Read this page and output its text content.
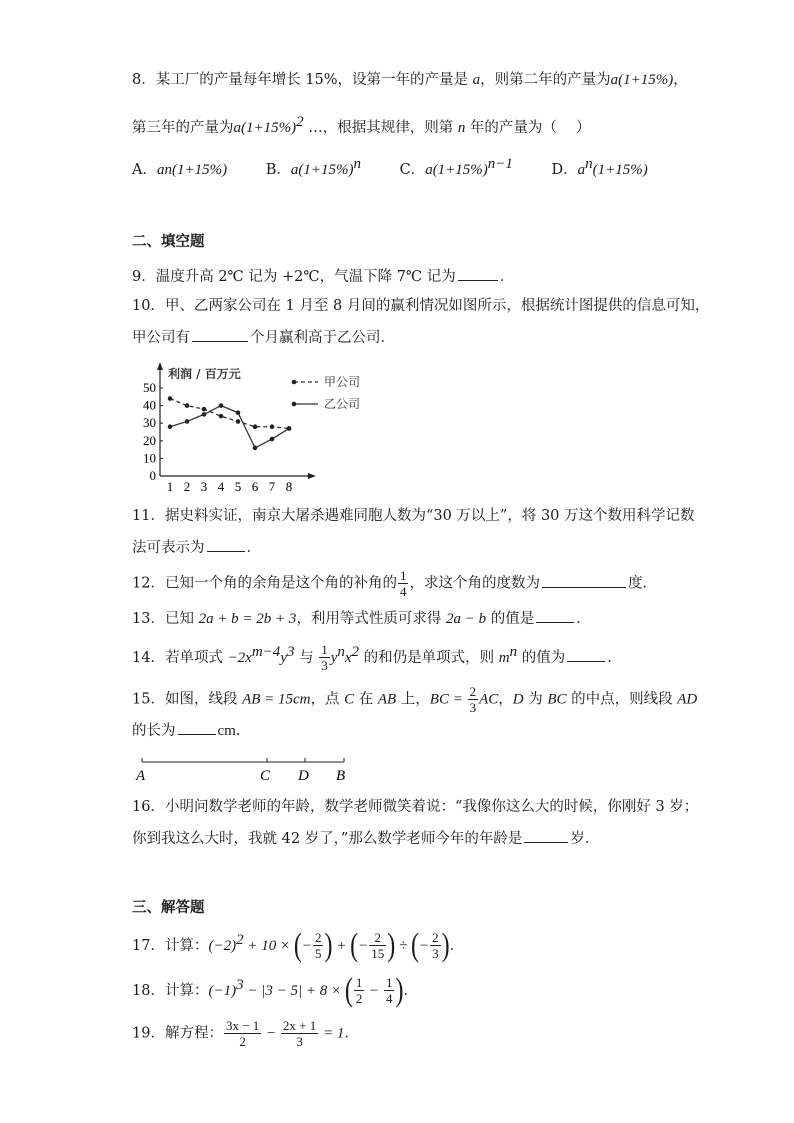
8．某工厂的产量每年增长 15%，设第一年的产量是 a，则第二年的产量为a(1+15%)，
第三年的产量为$a(1+15\%)^2$ …，根据其规律，则第 n 年的产量为（　 ）
A．an(1+15%)	B．$a(1+15\%)^n$	C．$a(1+15\%)^{n-1}$	D．$a^n(1+15\%)$
二、填空题
9．温度升高 2℃ 记为 +2℃，气温下降 7℃ 记为	．
10．甲、乙两家公司在 1 月至 8 月间的赢利情况如图所示，根据统计图提供的信息可知，
甲公司有	个月赢利高于乙公司．
利润 / 百万元
0
10
20
30
40
50
1 2 3 4 5 6 7 8
甲公司
乙公司
11．据史料实证，南京大屠杀遇难同胞人数为“30 万以上”，将 30 万这个数用科学记数
法可表示为	．
12．已知一个角的余角是这个角的补角的 $\frac{1}{4}$ ，求这个角的度数为	度．
13．已知 2a + b = 2b + 3，利用等式性质可求得 2a − b 的值是	．
14．若单项式 $-2x^{m-4}y^3$ 与 $\frac{1}{3} y^nx^2$ 的和仍是单项式，则 $m^n$ 的值为	．
15．如图，线段 AB = 15cm，点 C 在 AB 上，BC = $\frac{2}{3}$ AC，D 为 BC 的中点，则线段 AD
的长为	cm．
A	C D B
16．小明问数学老师的年龄，数学老师微笑着说：“我像你这么大的时候，你刚好 3 岁；
你到我这么大时，我就 42 岁了，”那么数学老师今年的年龄是	岁．
三、解答题
17．计算：$(-2)^2 + 10$ × (− $\frac{2}{5}$ ) + (− $\frac{2}{15}$ ) ÷ (− $\frac{2}{3}$ )．
18．计算：$(-1)^3 - |3 - 5| + 8$ × ( $\frac{1}{2} - \frac{1}{4}$ )．
19．解方程： $\frac{3x - 1}{2} - \frac{2x + 1}{3} = 1$．
